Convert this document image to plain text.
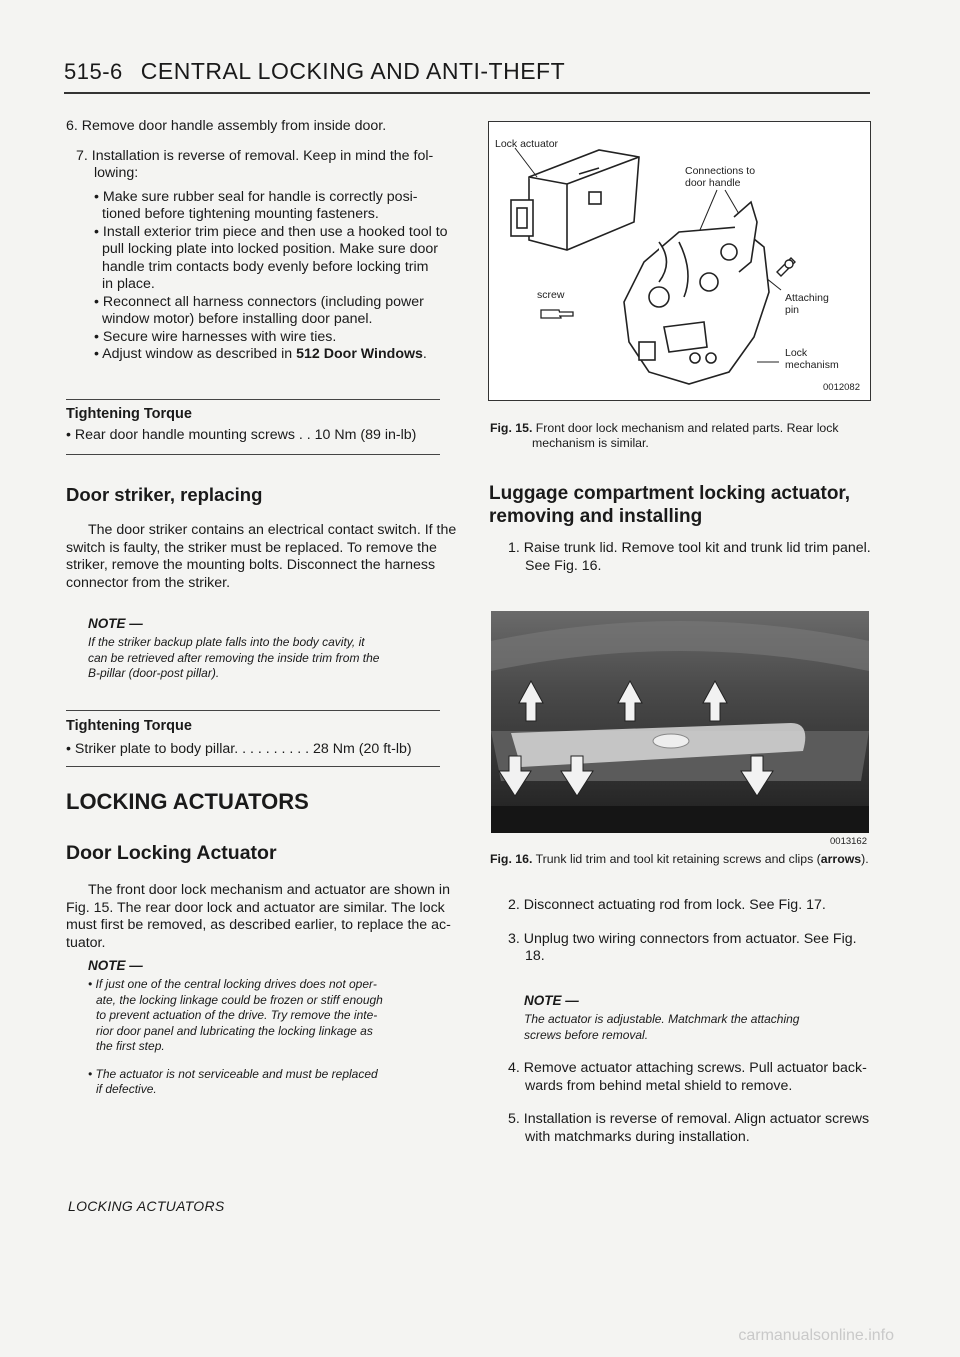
515-6 CENTRAL LOCKING AND ANTI-THEFT
6. Remove door handle assembly from inside door.
7. Installation is reverse of removal. Keep in mind the fol-
lowing:
• Make sure rubber seal for handle is correctly posi-
tioned before tightening mounting fasteners.
• Install exterior trim piece and then use a hooked tool to
pull locking plate into locked position. Make sure door
handle trim contacts body evenly before locking trim
in place.
• Reconnect all harness connectors (including power
window motor) before installing door panel.
• Secure wire harnesses with wire ties.
• Adjust window as described in 512 Door Windows.
Tightening Torque
• Rear door handle mounting screws . . 10 Nm (89 in-lb)
Door striker, replacing
The door striker contains an electrical contact switch. If the
switch is faulty, the striker must be replaced. To remove the
striker, remove the mounting bolts. Disconnect the harness
connector from the striker.
NOTE —
If the striker backup plate falls into the body cavity, it
can be retrieved after removing the inside trim from the
B-pillar (door-post pillar).
Tightening Torque
• Striker plate to body pillar. . . . . . . . . . 28 Nm (20 ft-lb)
LOCKING ACTUATORS
Door Locking Actuator
The front door lock mechanism and actuator are shown in
Fig. 15. The rear door lock and actuator are similar. The lock
must first be removed, as described earlier, to replace the ac-
tuator.
NOTE —
• If just one of the central locking drives does not oper-
ate, the locking linkage could be frozen or stiff enough
to prevent actuation of the drive. Try remove the inte-
rior door panel and lubricating the locking linkage as
the first step.
• The actuator is not serviceable and must be replaced
if defective.
Lock actuator
Connections to
door handle
screw	Attaching
pin
Lock
mechanism
0012082
Fig. 15. Front door lock mechanism and related parts. Rear lock
mechanism is similar.
Luggage compartment locking actuator,
removing and installing
1. Raise trunk lid. Remove tool kit and trunk lid trim panel.
See Fig. 16.
0013162
Fig. 16. Trunk lid trim and tool kit retaining screws and clips (arrows).
2. Disconnect actuating rod from lock. See Fig. 17.
3. Unplug two wiring connectors from actuator. See Fig.
18.
NOTE —
The actuator is adjustable. Matchmark the attaching
screws before removal.
4. Remove actuator attaching screws. Pull actuator back-
wards from behind metal shield to remove.
5. Installation is reverse of removal. Align actuator screws
with matchmarks during installation.
LOCKING ACTUATORS
carmanualsonline.info
